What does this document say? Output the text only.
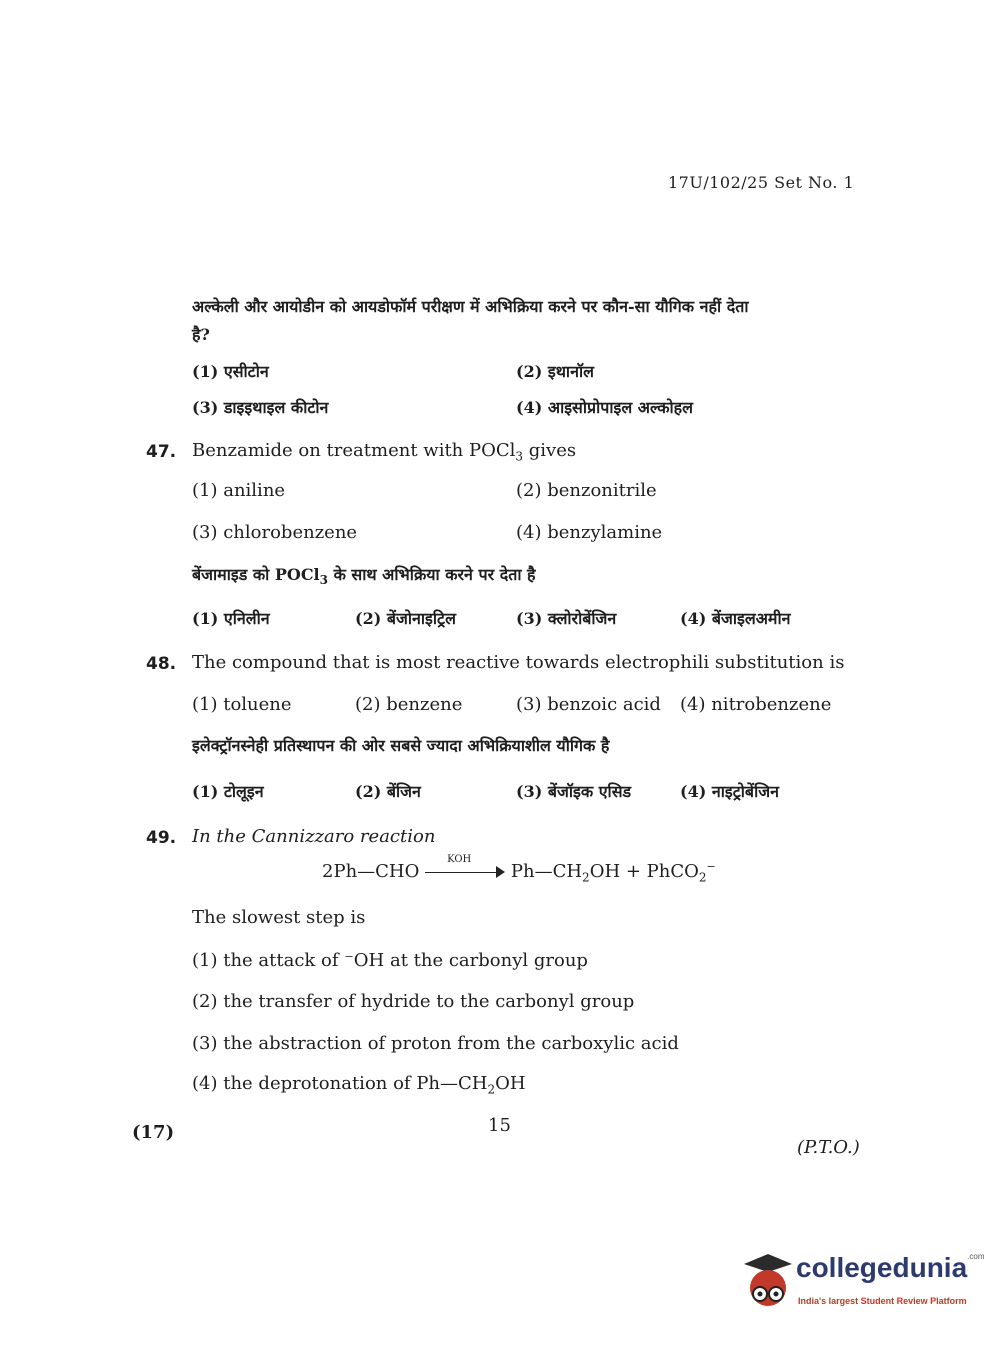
17U/102/25 Set No. 1
अल्केली और आयोडीन को आयडोफॉर्म परीक्षण में अभिक्रिया करने पर कौन-सा यौगिक नहीं देता
है?
(1) एसीटोन	(2) इथानॉल
(3) डाइइथाइल कीटोन	(4) आइसोप्रोपाइल अल्कोहल
47. Benzamide on treatment with POCl$_3$ gives
(1) aniline	(2) benzonitrile
(3) chlorobenzene	(4) benzylamine
बेंजामाइड को POCl$_3$ के साथ अभिक्रिया करने पर देता है
(1) एनिलीन	(2) बेंजोनाइट्रिल	(3) क्लोरोबेंजिन	(4) बेंजाइलअमीन
48. The compound that is most reactive towards electrophili substitution is
(1) toluene	(2) benzene	(3) benzoic acid (4) nitrobenzene
इलेक्ट्रॉनस्नेही प्रतिस्थापन की ओर सबसे ज्यादा अभिक्रियाशील यौगिक है
(1) टोलूइन	(2) बेंजिन	(3) बेंजॉइक एसिड	(4) नाइट्रोबेंजिन
49. In the Cannizzaro reaction
2Ph—CHO
KOH
$Ph—CH_2OH$ + PhCO$_2$−
The slowest step is
(1) the attack of ⁻OH at the carbonyl group
(2) the transfer of hydride to the carbonyl group
(3) the abstraction of proton from the carboxylic acid
(4) the deprotonation of $Ph—CH_2OH$
(17)	15
(P.T.O.)
collegedunia$^{.com}$
India's largest Student Review Platform
